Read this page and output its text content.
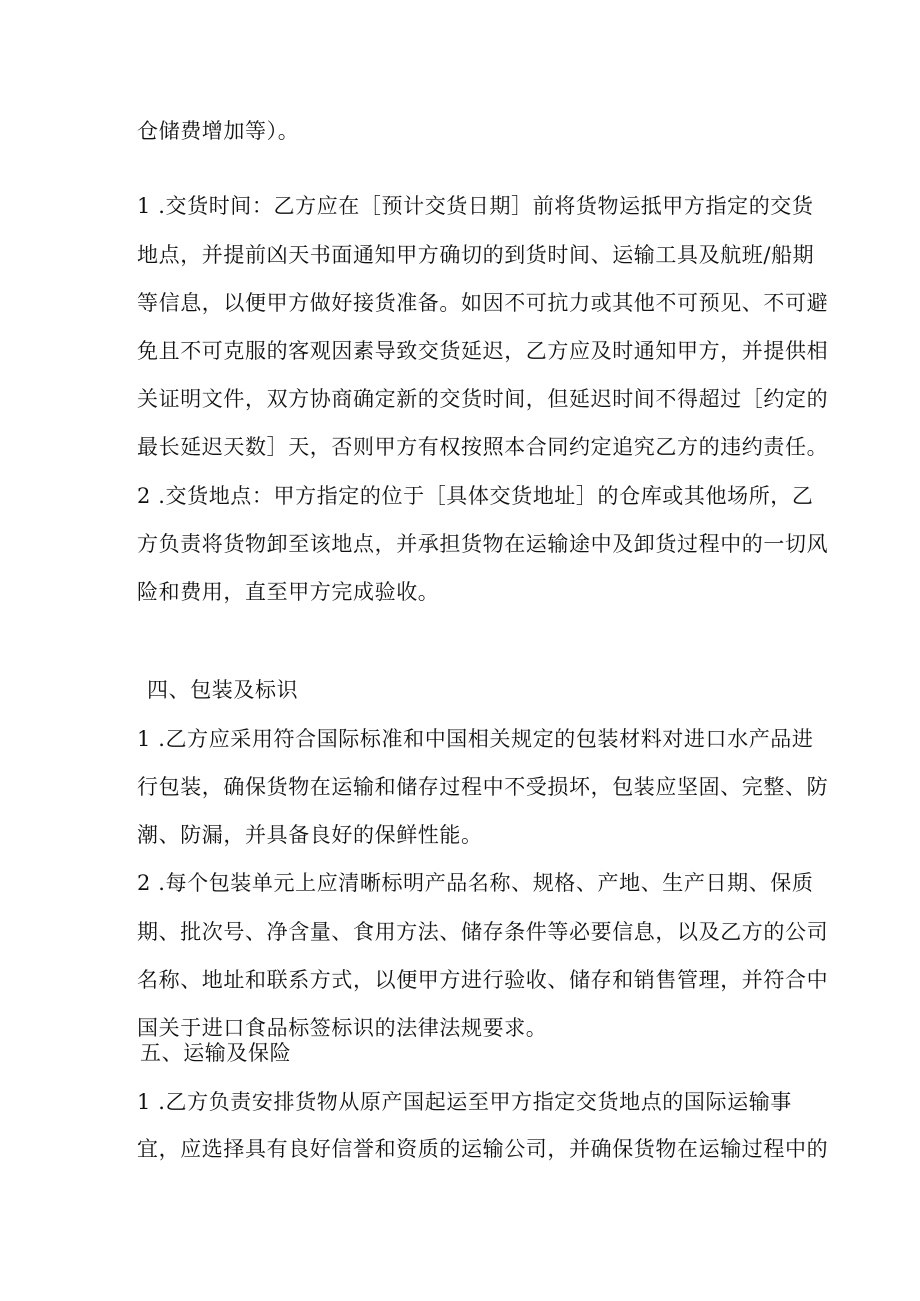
仓储费增加等）。
1 .交货时间：乙方应在［预计交货日期］前将货物运抵甲方指定的交货
地点，并提前凶天书面通知甲方确切的到货时间、运输工具及航班/船期
等信息，以便甲方做好接货准备。如因不可抗力或其他不可预见、不可避
免且不可克服的客观因素导致交货延迟，乙方应及时通知甲方，并提供相
关证明文件，双方协商确定新的交货时间，但延迟时间不得超过［约定的
最长延迟天数］天，否则甲方有权按照本合同约定追究乙方的违约责任。
2 .交货地点：甲方指定的位于［具体交货地址］的仓库或其他场所，乙
方负责将货物卸至该地点，并承担货物在运输途中及卸货过程中的一切风
险和费用，直至甲方完成验收。
四、包装及标识
1 .乙方应采用符合国际标准和中国相关规定的包装材料对进口水产品进
行包装，确保货物在运输和储存过程中不受损坏，包装应坚固、完整、防
潮、防漏，并具备良好的保鲜性能。
2 .每个包装单元上应清晰标明产品名称、规格、产地、生产日期、保质
期、批次号、净含量、食用方法、储存条件等必要信息，以及乙方的公司
名称、地址和联系方式，以便甲方进行验收、储存和销售管理，并符合中
国关于进口食品标签标识的法律法规要求。
五、运输及保险
1 .乙方负责安排货物从原产国起运至甲方指定交货地点的国际运输事
宜，应选择具有良好信誉和资质的运输公司，并确保货物在运输过程中的
